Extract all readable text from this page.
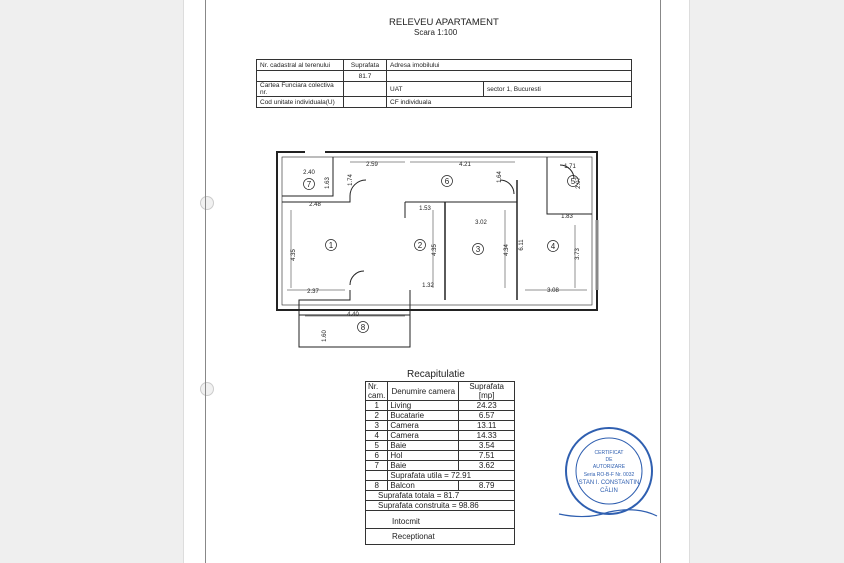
RELEVEU APARTAMENT
Scara 1:100
Nr. cadastral al terenului	Suprafata	Adresa imobilului	
	81.7		
Cartea Funciara colectiva nr.		UAT	sector 1, Bucuresti
Cod unitate individuala(U)		CF individuala	
2.40
1.63	1.74
2.59	4.21
1.64
1.71
2.07
2.48
1.53
3.02
1.83
4.35	4.35	4.34 6.11
3.73
2.37
1.32
3.08
4.40
1.60
1	2	3	4
5
6
7
8
Recapitulatie
Nr. cam.	Denumire camera	Suprafata [mp]
1	Living	24.23
2	Bucatarie	6.57
3	Camera	13.11
4	Camera	14.33
5	Baie	3.54
6	Hol	7.51
7	Baie	3.62
	Suprafata utila = 72.91	
8	Balcon	8.79
Suprafata totala = 81.7		
Suprafata construita = 98.86		
Intocmit		
Receptionat		
CERTIFICAT
DE
AUTORIZARE
Seria RO-B-F Nr. 0032
STAN I. CONSTANTIN
CĂLIN
